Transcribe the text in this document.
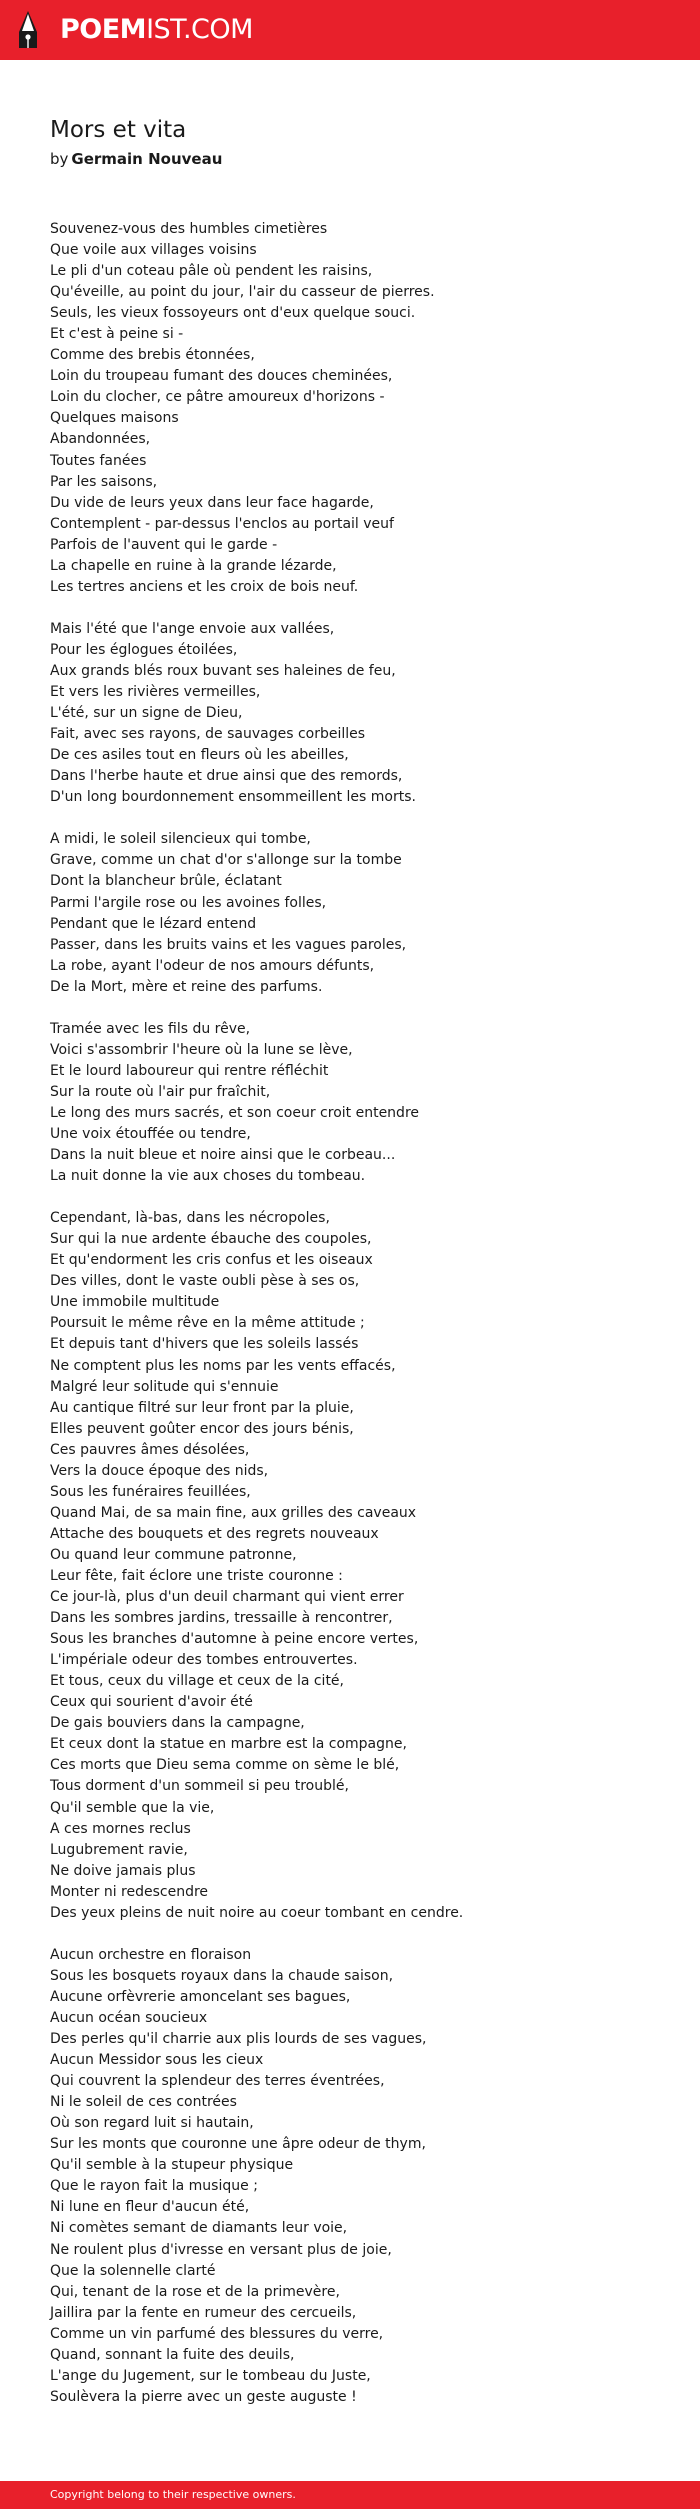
POEMIST.COM
Mors et vita
by Germain Nouveau
Souvenez-vous des humbles cimetières
Que voile aux villages voisins
Le pli d'un coteau pâle où pendent les raisins,
Qu'éveille, au point du jour, l'air du casseur de pierres.
Seuls, les vieux fossoyeurs ont d'eux quelque souci.
Et c'est à peine si -
Comme des brebis étonnées,
Loin du troupeau fumant des douces cheminées,
Loin du clocher, ce pâtre amoureux d'horizons -
Quelques maisons
Abandonnées,
Toutes fanées
Par les saisons,
Du vide de leurs yeux dans leur face hagarde,
Contemplent - par-dessus l'enclos au portail veuf
Parfois de l'auvent qui le garde -
La chapelle en ruine à la grande lézarde,
Les tertres anciens et les croix de bois neuf.
Mais l'été que l'ange envoie aux vallées,
Pour les églogues étoilées,
Aux grands blés roux buvant ses haleines de feu,
Et vers les rivières vermeilles,
L'été, sur un signe de Dieu,
Fait, avec ses rayons, de sauvages corbeilles
De ces asiles tout en fleurs où les abeilles,
Dans l'herbe haute et drue ainsi que des remords,
D'un long bourdonnement ensommeillent les morts.
A midi, le soleil silencieux qui tombe,
Grave, comme un chat d'or s'allonge sur la tombe
Dont la blancheur brûle, éclatant
Parmi l'argile rose ou les avoines folles,
Pendant que le lézard entend
Passer, dans les bruits vains et les vagues paroles,
La robe, ayant l'odeur de nos amours défunts,
De la Mort, mère et reine des parfums.
Tramée avec les fils du rêve,
Voici s'assombrir l'heure où la lune se lève,
Et le lourd laboureur qui rentre réfléchit
Sur la route où l'air pur fraîchit,
Le long des murs sacrés, et son coeur croit entendre
Une voix étouffée ou tendre,
Dans la nuit bleue et noire ainsi que le corbeau...
La nuit donne la vie aux choses du tombeau.
Cependant, là-bas, dans les nécropoles,
Sur qui la nue ardente ébauche des coupoles,
Et qu'endorment les cris confus et les oiseaux
Des villes, dont le vaste oubli pèse à ses os,
Une immobile multitude
Poursuit le même rêve en la même attitude ;
Et depuis tant d'hivers que les soleils lassés
Ne comptent plus les noms par les vents effacés,
Malgré leur solitude qui s'ennuie
Au cantique filtré sur leur front par la pluie,
Elles peuvent goûter encor des jours bénis,
Ces pauvres âmes désolées,
Vers la douce époque des nids,
Sous les funéraires feuillées,
Quand Mai, de sa main fine, aux grilles des caveaux
Attache des bouquets et des regrets nouveaux
Ou quand leur commune patronne,
Leur fête, fait éclore une triste couronne :
Ce jour-là, plus d'un deuil charmant qui vient errer
Dans les sombres jardins, tressaille à rencontrer,
Sous les branches d'automne à peine encore vertes,
L'impériale odeur des tombes entrouvertes.
Et tous, ceux du village et ceux de la cité,
Ceux qui sourient d'avoir été
De gais bouviers dans la campagne,
Et ceux dont la statue en marbre est la compagne,
Ces morts que Dieu sema comme on sème le blé,
Tous dorment d'un sommeil si peu troublé,
Qu'il semble que la vie,
A ces mornes reclus
Lugubrement ravie,
Ne doive jamais plus
Monter ni redescendre
Des yeux pleins de nuit noire au coeur tombant en cendre.
Aucun orchestre en floraison
Sous les bosquets royaux dans la chaude saison,
Aucune orfèvrerie amoncelant ses bagues,
Aucun océan soucieux
Des perles qu'il charrie aux plis lourds de ses vagues,
Aucun Messidor sous les cieux
Qui couvrent la splendeur des terres éventrées,
Ni le soleil de ces contrées
Où son regard luit si hautain,
Sur les monts que couronne une âpre odeur de thym,
Qu'il semble à la stupeur physique
Que le rayon fait la musique ;
Ni lune en fleur d'aucun été,
Ni comètes semant de diamants leur voie,
Ne roulent plus d'ivresse en versant plus de joie,
Que la solennelle clarté
Qui, tenant de la rose et de la primevère,
Jaillira par la fente en rumeur des cercueils,
Comme un vin parfumé des blessures du verre,
Quand, sonnant la fuite des deuils,
L'ange du Jugement, sur le tombeau du Juste,
Soulèvera la pierre avec un geste auguste !
Copyright belong to their respective owners.
